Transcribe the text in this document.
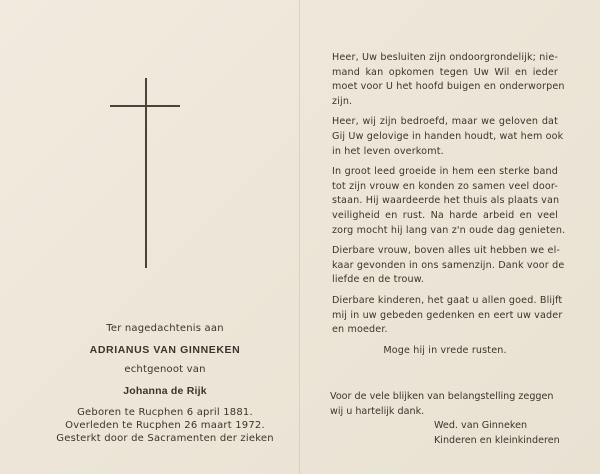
Ter nagedachtenis aan
ADRIANUS VAN GINNEKEN
echtgenoot van
Johanna de Rijk
Geboren te Rucphen 6 april 1881.
Overleden te Rucphen 26 maart 1972.
Gesterkt door de Sacramenten der zieken
Heer, Uw besluiten zijn ondoorgrondelijk; nie-
mand kan opkomen tegen Uw Wil en ieder
moet voor U het hoofd buigen en onderworpen
zijn.
Heer, wij zijn bedroefd, maar we geloven dat
Gij Uw gelovige in handen houdt, wat hem ook
in het leven overkomt.
In groot leed groeide in hem een sterke band
tot zijn vrouw en konden zo samen veel door-
staan. Hij waardeerde het thuis als plaats van
veiligheid en rust. Na harde arbeid en veel
zorg mocht hij lang van z'n oude dag genieten.
Dierbare vrouw, boven alles uit hebben we el-
kaar gevonden in ons samenzijn. Dank voor de
liefde en de trouw.
Dierbare kinderen, het gaat u allen goed. Blijft
mij in uw gebeden gedenken en eert uw vader
en moeder.
Moge hij in vrede rusten.
Voor de vele blijken van belangstelling zeggen
wij u hartelijk dank.
Wed. van Ginneken
Kinderen en kleinkinderen
